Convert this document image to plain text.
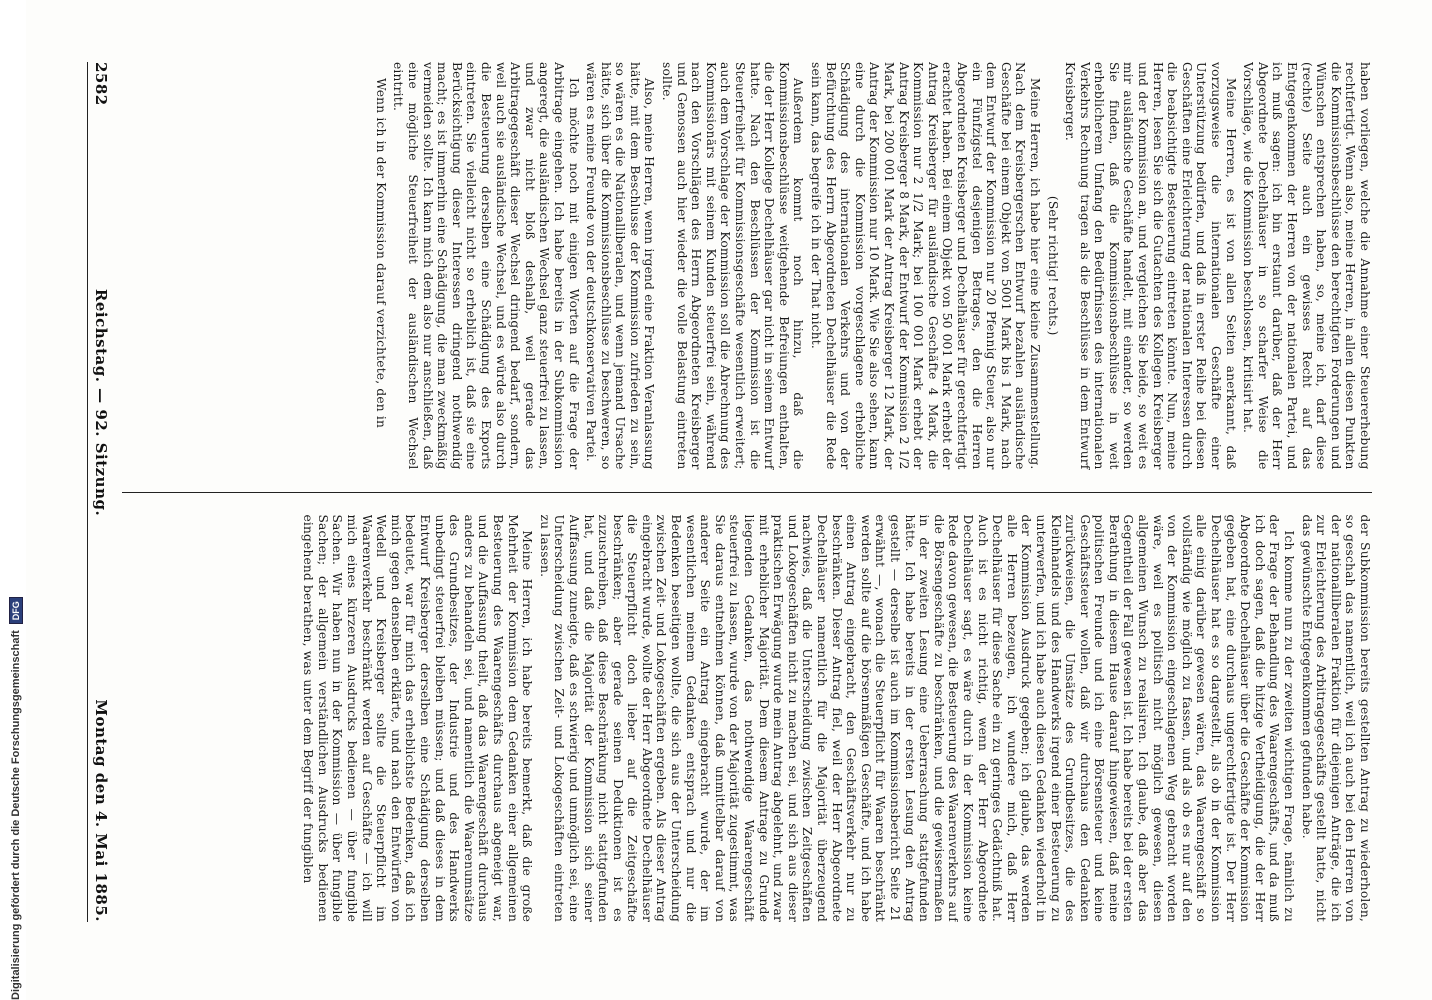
2582
Reichstag. — 92. Sitzung.
Montag den 4. Mai 1885.

haben vorliegen, welche die Annahme einer Steuererhebung rechtfertigt. Wenn also, meine Herren, in allen diesen Punkten die Kommissionsbeschlüsse den berechtigten Forderungen und Wünschen entsprechen haben, so, meine ich, darf diese (rechte) Seite auch ein gewisses Recht auf das Entgegenkommen der Herren von der nationalen Partei, und ich muß sagen: ich bin erstaunt darüber, daß der Herr Abgeordnete Dechelhäuser in so scharfer Weise die Vorschläge, wie die Kommission beschlossen, kritisirt hat.

Meine Herren, es ist von allen Seiten anerkannt, daß vorzugsweise die internationalen Geschäfte einer Unterstützung bedürfen, und daß in erster Reihe bei diesen Geschäften eine Erleichterung der nationalen Interessen durch die beabsichtigte Besteuerung eintreten könnte. Nun, meine Herren, lesen Sie sich die Gutachten des Kollegen Kreisberger und der Kommission an, und vergleichen Sie beide, so weit es mir ausländische Geschäfte handelt, mit einander, so werden Sie finden, daß die Kommissionsbeschlüsse in weit erheblicherem Umfang den Bedürfnissen des internationalen Verkehrs Rechnung tragen als die Beschlüsse in dem Entwurf Kreisberger.

(Sehr richtig! rechts.)

Meine Herren, ich habe hier eine kleine Zusammenstellung. Nach dem Kreisbergerschen Entwurf bezahlen ausländische Geschäfte bei einem Objekt von 5001 Mark bis 1 Mark, nach dem Entwurf der Kommission nur 20 Pfennig Steuer, also nur ein Fünfzigstel desjenigen Betrages, den die Herren Abgeordneten Kreisberger und Dechelhäuser für gerechtfertigt erachtet haben. Bei einem Objekt von 50 001 Mark erhebt der Antrag Kreisberger für ausländische Geschäfte 4 Mark, die Kommission nur 2 1/2 Mark; bei 100 001 Mark erhebt der Antrag Kreisberger 8 Mark, der Entwurf der Kommission 2 1/2 Mark, bei 200 001 Mark der Antrag Kreisberger 12 Mark, der Antrag der Kommission nur 10 Mark. Wie Sie also sehen, kann eine durch die Kommission vorgeschlagene erhebliche Schädigung des internationalen Verkehrs und von der Befürchtung des Herrn Abgeordneten Dechelhäuser die Rede sein kann, das begreife ich in der That nicht.

Außerdem kommt noch hinzu, daß die Kommissionsbeschlüsse weitgehende Befreiungen enthalten, die der Herr Kollege Dechelhäuser gar nicht in seinem Entwurf hatte. Nach den Beschlüssen der Kommission ist die Steuerfreiheit für Kommissionsgeschäfte wesentlich erweitert; auch dem Vorschlage der Kommission soll die Abrechnung des Kommissionärs mit seinem Kunden steuerfrei sein, während nach den Vorschlägen des Herrn Abgeordneten Kreisberger und Genossen auch hier wieder die volle Belastung eintreten sollte.

Also, meine Herren, wenn irgend eine Fraktion Veranlassung hätte, mit dem Beschlusse der Kommission zufrieden zu sein, so wären es die Nationalliberalen, und wenn jemand Ursache hätte, sich über die Kommissionsbeschlüsse zu beschweren, so wären es meine Freunde von der deutschkonservativen Partei.

Ich möchte noch mit einigen Worten auf die Frage der Arbitrage eingehen. Ich habe bereits in der Subkommission angeregt, die ausländischen Wechsel ganz steuerfrei zu lassen, und zwar nicht bloß deshalb, weil gerade das Arbitragegeschäft dieser Wechsel dringend bedarf, sondern, weil auch sie ausländische Wechsel, und es würde also durch die Besteuerung derselben eine Schädigung des Exports eintreten. Sie vielleicht nicht so erheblich ist, daß sie eine Berücksichtigung dieser Interessen dringend nothwendig macht; es ist immerhin eine Schädigung, die man zweckmäßig vermeiden sollte. Ich kann mich dem also nur anschließen, daß eine mögliche Steuerfreiheit der ausländischen Wechsel eintritt.

Wenn ich in der Kommission darauf verzichtete, den in

der Subkommission bereits gestellten Antrag zu wiederholen, so geschah das namentlich, weil ich auch bei den Herren von der nationalliberalen Fraktion für diejenigen Anträge, die ich zur Erleichterung des Arbitragegeschäfts gestellt hatte, nicht das gewünschte Entgegenkommen gefunden habe.

Ich komme nun zu der zweiten wichtigen Frage, nämlich zu der Frage der Behandlung des Waarengeschäfts, und da muß ich doch sagen, daß die hitzige Vertheidigung, die der Herr Abgeordnete Dechelhäuser über die Geschäfte der Kommission gegeben hat, eine durchaus ungerechtfertigte ist. Der Herr Dechelhäuser hat es so dargestellt, als ob in der Kommission alle einig darüber gewesen wären, das Waarengeschäft so vollständig wie möglich zu fassen, und als ob es nur auf den von der Kommission eingeschlagenen Weg gebracht worden wäre, weil es politisch nicht möglich gewesen, diesen allgemeinen Wunsch zu realisiren. Ich glaube, daß aber das Gegentheil der Fall gewesen ist. Ich habe bereits bei der ersten Berathung in diesem Hause darauf hingewiesen, daß meine politischen Freunde und ich eine Börsensteuer und keine Geschäftssteuer wollen, daß wir durchaus den Gedanken zurückweisen, die Umsätze des Grundbesitzes, die des Kleinhandels und des Handwerks irgend einer Besteuerung zu unterwerfen, und ich habe auch diesen Gedanken wiederholt in der Kommission Ausdruck gegeben; ich glaube, das werden alle Herren bezeugen, ich wundere mich, daß Herr Dechelhäuser für diese Sache ein zu geringes Gedächtniß hat. Auch ist es nicht richtig, wenn der Herr Abgeordnete Dechelhäuser sagt, es wäre durch in der Kommission keine Rede davon gewesen, die Besteuerung des Waarenverkehrs auf die Börsengeschäfte zu beschränken, und die gewissermaßen in der zweiten Lesung eine Ueberraschung stattgefunden hätte. Ich habe bereits in der ersten Lesung den Antrag gestellt — derselbe ist auch im Kommissionsbericht Seite 21 erwähnt —, wonach die Steuerpflicht für Waaren beschränkt werden sollte auf die börsenmäßigen Geschäfte, und ich habe einen Antrag eingebracht, den Geschäftsverkehr nur zu beschränken. Dieser Antrag fiel, weil der Herr Abgeordnete Dechelhäuser namentlich für die Majorität überzeugend nachwies, daß die Unterscheidung zwischen Zeitgeschäften und Lokogeschäften nicht zu machen sei, und sich aus dieser praktischen Erwägung wurde mein Antrag abgelehnt, und zwar mit erheblicher Majorität. Dem diesem Antrage zu Grunde liegenden Gedanken, das nothwendige Waarengeschäft steuerfrei zu lassen, wurde von der Majorität zugestimmt, was Sie daraus entnehmen können, daß unmittelbar darauf von anderer Seite ein Antrag eingebracht wurde, der im wesentlichen meinem Gedanken entsprach und nur die Bedenken beseitigen wollte, die sich aus der Unterscheidung zwischen Zeit- und Lokogeschäften ergeben. Als dieser Antrag eingebracht wurde, wollte der Herr Abgeordnete Dechelhäuser die Steuerpflicht doch lieber auf die Zeitgeschäfte beschränken; aber gerade seinen Deduktionen ist es zuzuschreiben, daß diese Beschränkung nicht stattgefunden hat, und daß die Majorität der Kommission sich seiner Auffassung zuneigte, daß es schwierig und unmöglich sei, eine Unterscheidung zwischen Zeit- und Lokogeschäften eintreten zu lassen.

Meine Herren, ich habe bereits bemerkt, daß die große Mehrheit der Kommission dem Gedanken einer allgemeinen Besteuerung des Waarengeschäfts durchaus abgeneigt war, und die Auffassung theilt, daß das Waarengeschäft durchaus anders zu behandeln sei, und namentlich die Waarenumsätze des Grundbesitzes, der Industrie und des Handwerks unbedingt steuerfrei bleiben müssen; und daß dieses in dem Entwurf Kreisberger derselben eine Schädigung derselben bedeutet, war für mich das erheblichste Bedenken, daß ich mich gegen denselben erklärte, und nach den Entwürfen von Wedell und Kreisberger sollte die Steuerpflicht im Waarenverkehr beschränkt werden auf Geschäfte — ich will mich eines kürzeren Ausdrucks bedienen — über fungible Sachen. Wir haben nun in der Kommission — über fungible Sachen; der allgemein verständlichen Ausdrucks bedienen eingehend berathen, was unter dem Begriff der fungiblen

Digitalisierung gefördert durch die Deutsche Forschungsgemeinschaft
DFG
